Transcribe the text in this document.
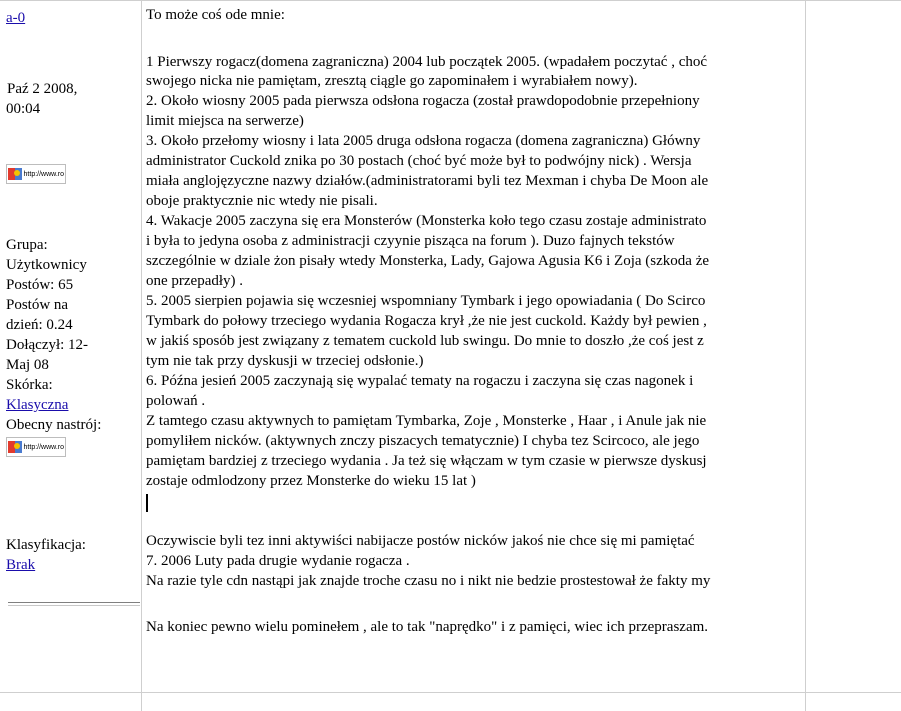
a-0
Paź 2 2008,
00:04
http://www.ro
Grupa:
Użytkownicy
Postów: 65
Postów na
dzień: 0.24
Dołączył: 12-
Maj 08
Skórka:
Klasyczna
Obecny nastrój:
http://www.ro
Klasyfikacja:
Brak
To może coś ode mnie:
1 Pierwszy rogacz(domena zagraniczna) 2004 lub początek 2005. (wpadałem poczytać , choć
swojego nicka nie pamiętam, zresztą ciągle go zapominałem i wyrabiałem nowy).
2. Około wiosny 2005 pada pierwsza odsłona rogacza (został prawdopodobnie przepełniony
limit miejsca na serwerze)
3. Około przełomy wiosny i lata 2005 druga odsłona rogacza (domena zagraniczna) Główny
administrator Cuckold znika po 30 postach (choć być może był to podwójny nick) . Wersja
miała anglojęzyczne nazwy działów.(administratorami byli tez Mexman i chyba De Moon ale
oboje praktycznie nic wtedy nie pisali.
4. Wakacje 2005 zaczyna się era Monsterów (Monsterka koło tego czasu zostaje administrato
i była to jedyna osoba z administracji czyynie pisząca na forum ). Duzo fajnych tekstów
szczególnie w dziale żon pisały wtedy Monsterka, Lady, Gajowa Agusia K6 i Zoja (szkoda że
one przepadły) .
5. 2005 sierpien pojawia się wczesniej wspomniany Tymbark i jego opowiadania ( Do Scirco
Tymbark do połowy trzeciego wydania Rogacza krył ,że nie jest cuckold. Każdy był pewien ,
w jakiś sposób jest związany z tematem cuckold lub swingu. Do mnie to doszło ,że coś jest z
tym nie tak przy dyskusji w trzeciej odsłonie.)
6. Późna jesień 2005 zaczynają się wypalać tematy na rogaczu i zaczyna się czas nagonek i
polowań .
Z tamtego czasu aktywnych to pamiętam Tymbarka, Zoje , Monsterke , Haar , i Anule jak nie
pomyliłem nicków. (aktywnych znczy piszacych tematycznie) I chyba tez Scircoco, ale jego
pamiętam bardziej z trzeciego wydania . Ja też się włączam w tym czasie w pierwsze dyskusj
zostaje odmlodzony przez Monsterke do wieku 15 lat )
Oczywiscie byli tez inni aktywiści nabijacze postów nicków jakoś nie chce się mi pamiętać
7. 2006 Luty pada drugie wydanie rogacza .
Na razie tyle cdn nastąpi jak znajde troche czasu no i nikt nie bedzie prostestował że fakty my
Na koniec pewno wielu pominełem , ale to tak "naprędko" i z pamięci, wiec ich przepraszam.
